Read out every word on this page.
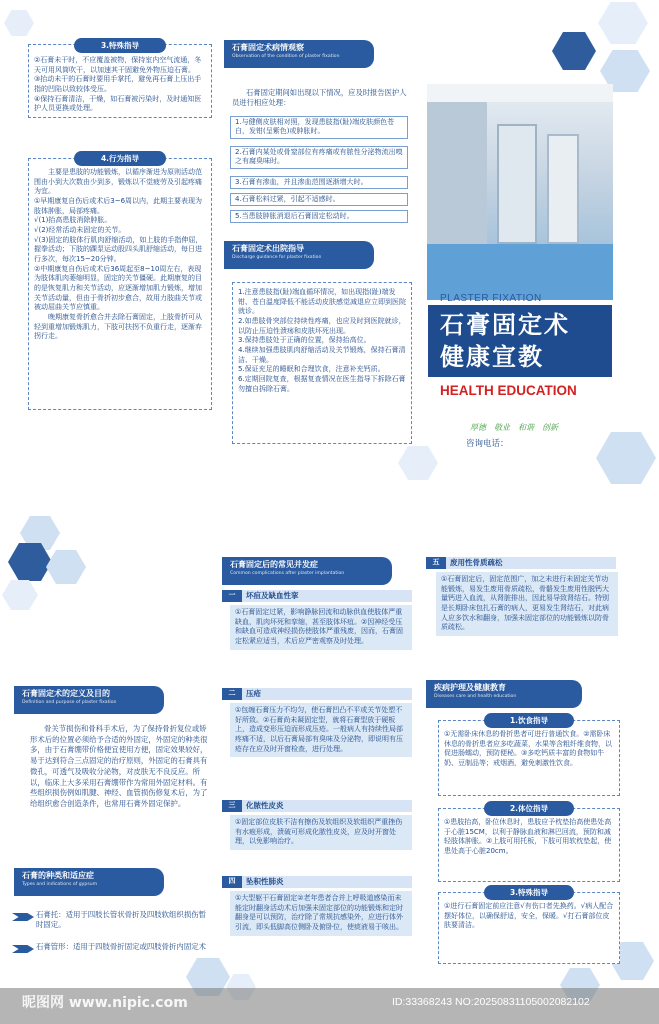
3.特殊指导

②石膏未干时，不应覆盖被物，保持室内空气流通，冬天可用风筒吹干，以加速其干固避免外物压迫石膏。

③抬动未干的石膏时要用手掌托，避免再石膏上压出手指的凹陷以致较体受压。

④保持石膏清洁，干燥，如石膏被污染时，及时通知医护人员更换或处理。

4.行为指导

主要是患肢的功能锻炼，以循序渐进为原则活动范围由小到大次数由少到多，锻炼以不觉疲劳及引起疼痛为宜。

①早期康复自伤后或术后3~6周以内，此期主要表现为肢体肿胀，局部疼痛。

√(1)抬高患肢消除肿胀。

√(2)经常活动未固定的关节。

√(3)固定的肢体行肌肉舒缩活动，如上肢的手指伸屈，握拳活动；下肢的踝泵运动股四头肌舒缩活动，每日进行多次，每次15~20分钟。

②中期康复自伤后或术后36周起至8~10周左右，表现为肢体肌肉萎缩明显，固定的关节僵硬。此期康复的目的是恢复肌力和关节活动，应逐渐增加肌力锻炼，增加关节活动量，但由于骨折初步愈合，故用力肢曲关节或被动屈曲关节应慎重。

晚期康复骨折愈合并去除石膏固定，上肢骨折可从轻到重增加锻炼肌力，下肢可扶拐不负重行走，逐渐弃拐行走。

石膏固定术病情观察
Observation of the condition of plaster fixation
石膏固定期间如出现以下情况，应及时报告医护人员进行相应处理：
1.与健侧皮肤相对照，发现患肢指(趾)端皮肤颜色苍白，发钳(呈紫色)或肿胀时。
2.石膏内某处或骨窒部位有疼痛或有脓性分泌物流出嗅之有腐臭味时。
3.石膏有渗血，并且渗血范围逐渐增大时。
4.石膏松料过紧，引起不适感时。
5.当患肢肿胀消退后石膏固定松动时。
石膏固定术出院指导
Discharge guidance for plaster fixation

1.注意患肢指(趾)端血循环情况，如出现指(趾)端发钳、苍白温度降低不能活动皮肤感觉减退应立即到医院就诊。

2.如患肢骨突部位持续性疼痛，也应及时到医院就诊，以防止压迫性溃疡和皮肤坏死出现。

3.保持患肢处于正确的位置，保持抬高位。

4.继续加强患肢肌肉舒缩活动及关节锻炼，保持石膏清洁、干燥。

5.保证充足的睡眠和合理饮食，注意补充钙质。

6.定期回院复查，根据复查情况在医生指导下拆除石膏勿擅自拆除石膏。

PLASTER FIXATION
石膏固定术
健康宣教
HEALTH EDUCATION
厚德　敬业　和谐　创新
咨询电话：
石膏固定术的定义及目的
Definition and purpose of plaster fixation
骨关节损伤和骨科手术后，为了保持骨折复位或矫形术后的位置必须给予合适的外固定，外固定的种类很多，由于石膏绷带价格便宜使用方便，固定效果较好，易于达到符合三点固定的治疗原则，外固定的石膏具有微孔，可透气及吸收分泌物，对皮肤无不良反应。所以，临床上大多采用石膏绷带作为常用外固定材料。有些组织损伤例如肌腱、神经、血管损伤修复术后，为了给组织愈合创造条件，也常用石膏外固定保护。
石膏的种类和适应症
Types and indications of gypsum
石膏托：适用于四肢长管状骨折及四肢软组织损伤暂时固定。
石膏管形：适用于四肢骨折固定或四肢骨折内固定术
石膏固定后的常见并发症
Common complications after plaster implantation
一	坏疽及缺血性挛
①石膏固定过紧，影响静脉回流和动脉供血使肢体严重缺血，肌肉坏死和挛缩，甚至肢体坏疽。②因神经受压和缺血可造成神经损伤使肢体严重残废，因而，石膏固定松紧应适当，术后应严密观察及时处理。
二	压疮
①包缠石膏压力不均匀，使石膏凹凸不平或关节处塑不好所致。②石膏尚未凝固定型，就将石膏型放于硬板上，造成变形压迫而形成压疮。一般病人有持续性局部疼痛不适，以后石膏局部有臭味及分泌物，即说明有压疮存在应及时开窗检查，进行处理。
三	化脓性皮炎
①固定部位皮肤不洁有擦伤及软组织及软组织严重挫伤有水疱形成，溃破可形成化脓性皮炎，应及时开窗处理，以免影响治疗。
四	坠积性肺炎
①大型躯干石膏固定②老年患者合并上呼吸道感染而未能定时翻身活动术后加强未固定部位的功能锻炼和定时翻身是可以预防，治疗除了常规抗感染外，应进行体外引流，即头低脚高位侧卧及俯卧位，使痰液易于咳出。
五	废用性骨质疏松
①石膏固定后，固定范围广，加之未进行未固定关节功能锻炼，易发生废用骨质疏松，骨骼发生废用性脱钙大量钙进入血流，从肾脏排出，因此易导致肾结石。特别是长期卧床包扎石膏的病人，更易发生肾结石，对此病人应多饮水和翻身，加强未固定部位的功能锻炼以防骨质疏松。
疾病护理及健康教育
Diseases care and health education
1.饮食指导
①无需卧床休息的骨折患者可进行普通饮食。②需卧床休息的骨折患者应多吃蔬菜，水果等含粗纤维食物，以促进肠蠕动，预防便秘。③多吃钙质丰富的食物如牛奶、豆制品等；戒烟酒，避免刺激性饮食。
2.体位指导
①患肢抬高，卧位休息时，患肢应予枕垫抬高使患处高于心脏15CM，以利于静脉血液和淋巴回流，预防和减轻肢体肿胀。②上肢可用托板，下肢可用软枕垫起，使患处高于心脏20cm。
3.特殊指导
①进行石膏固定前应注意√有伤口者先换药。√病人配合摆好体位，以确保舒适，安全，保暖。√打石膏部位皮肤要清洁。
昵图网 www.nipic.com	ID:33368243 NO:20250831105002082102
